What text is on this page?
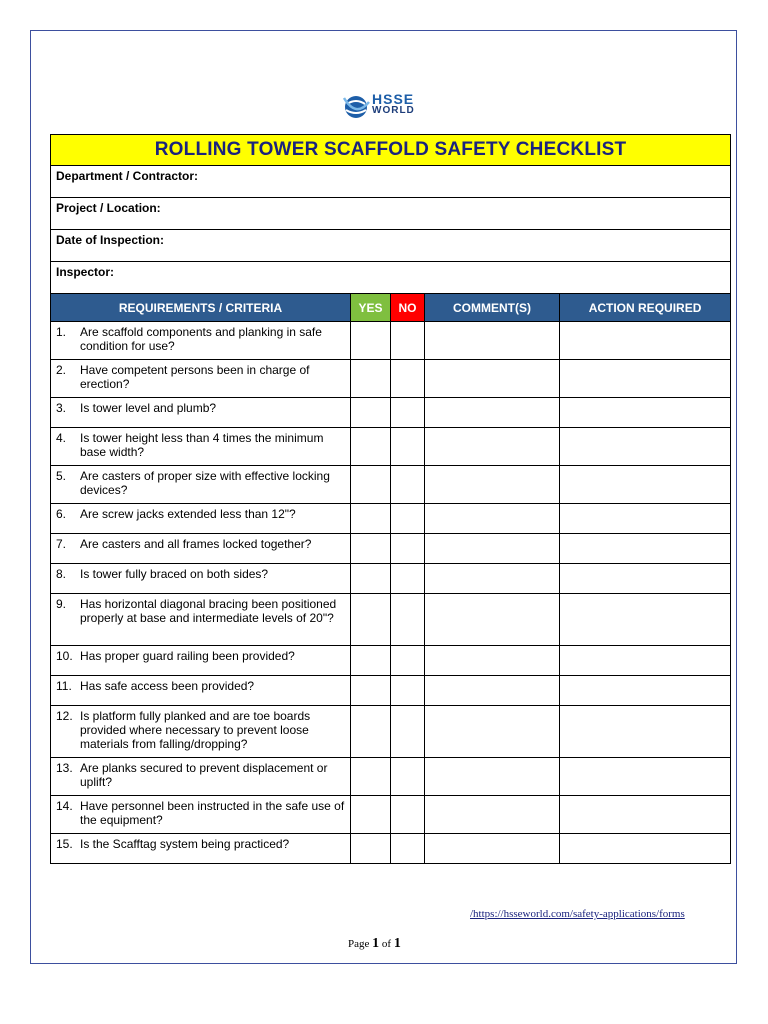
HSSE
WORLD
ROLLING TOWER SCAFFOLD SAFETY CHECKLIST				
Department / Contractor:				
Project / Location:				
Date of Inspection:				
Inspector:				
REQUIREMENTS / CRITERIA	YES	NO	COMMENT(S)	ACTION REQUIRED
1. Are scaffold components and planking in safe condition for use?				
2. Have competent persons been in charge of erection?				
3. Is tower level and plumb?				
4. Is tower height less than 4 times the minimum base width?				
5. Are casters of proper size with effective locking devices?				
6. Are screw jacks extended less than 12"?				
7. Are casters and all frames locked together?				
8. Is tower fully braced on both sides?				
9. Has horizontal diagonal bracing been positioned properly at base and intermediate levels of 20"?				
10. Has proper guard railing been provided?				
11. Has safe access been provided?				
12. Is platform fully planked and are toe boards provided where necessary to prevent loose materials from falling/dropping?				
13. Are planks secured to prevent displacement or uplift?				
14. Have personnel been instructed in the safe use of the equipment?				
15. Is the Scafftag system being practiced?				
/https://hsseworld.com/safety-applications/forms
Page 1 of 1
